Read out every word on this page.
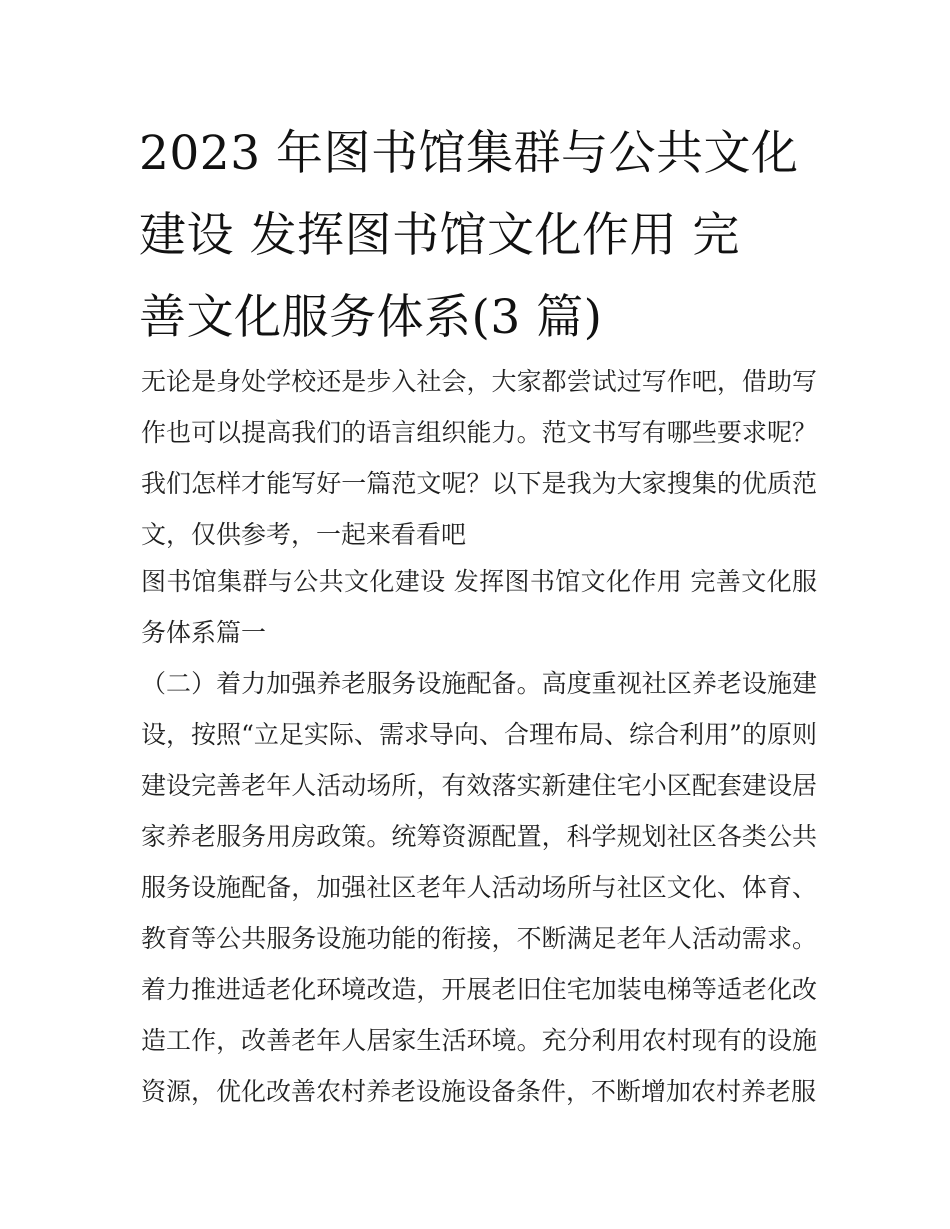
2023 年图书馆集群与公共文化
建设 发挥图书馆文化作用 完
善文化服务体系(3 篇)

无论是身处学校还是步入社会，大家都尝试过写作吧，借助写作也可以提高我们的语言组织能力。范文书写有哪些要求呢？我们怎样才能写好一篇范文呢？以下是我为大家搜集的优质范文，仅供参考，一起来看看吧

图书馆集群与公共文化建设 发挥图书馆文化作用 完善文化服务体系篇一

（二）着力加强养老服务设施配备。高度重视社区养老设施建设，按照“立足实际、需求导向、合理布局、综合利用”的原则建设完善老年人活动场所，有效落实新建住宅小区配套建设居家养老服务用房政策。统筹资源配置，科学规划社区各类公共服务设施配备，加强社区老年人活动场所与社区文化、体育、教育等公共服务设施功能的衔接，不断满足老年人活动需求。着力推进适老化环境改造，开展老旧住宅加装电梯等适老化改造工作，改善老年人居家生活环境。充分利用农村现有的设施资源，优化改善农村养老设施设备条件，不断增加农村养老服
